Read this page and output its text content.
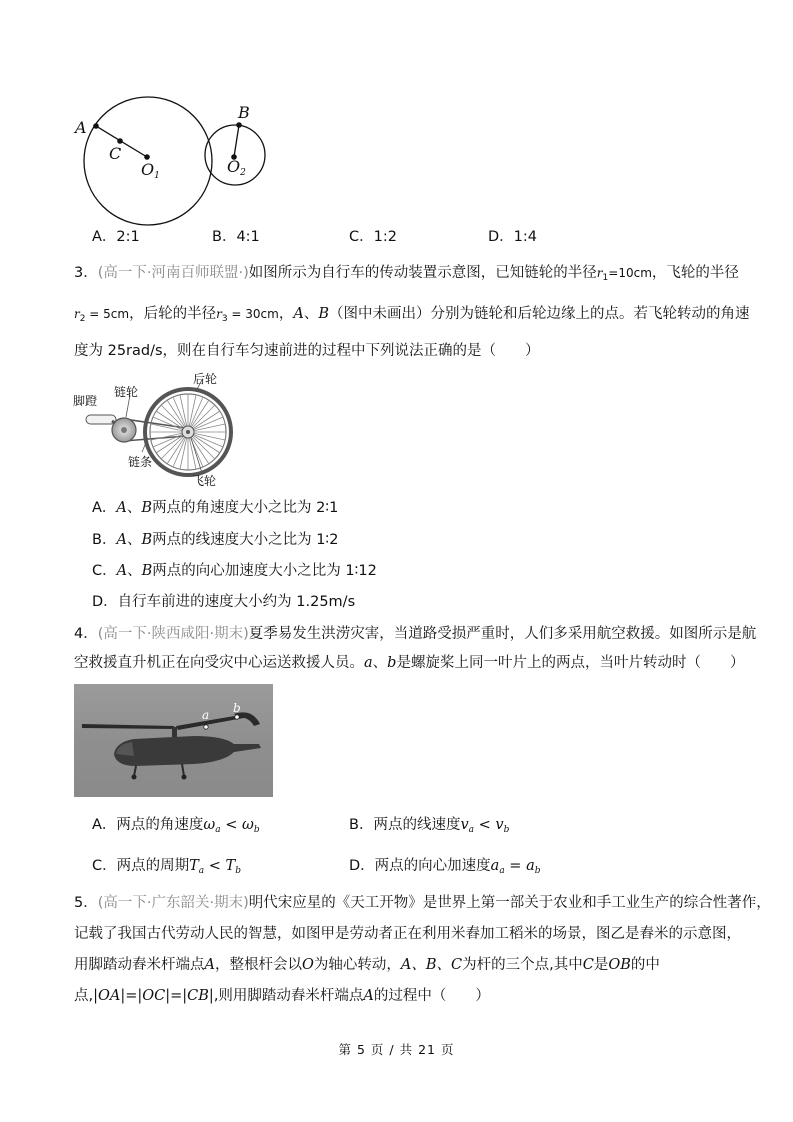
A
C
O1
B
O2
A．2:1	B．4:1	C．1:2	D．1:4
3．(高一下·河南百师联盟·)如图所示为自行车的传动装置示意图，已知链轮的半径$r_1=10cm$，飞轮的半径
$r_2 = 5cm$，后轮的半径$r_3 = 30cm$，A、B（图中未画出）分别为链轮和后轮边缘上的点。若飞轮转动的角速
度为 25rad/s，则在自行车匀速前进的过程中下列说法正确的是（　　）
脚蹬
链轮
后轮
链条
飞轮
A．A、B两点的角速度大小之比为 2∶1
B．A、B两点的线速度大小之比为 1∶2
C．A、B两点的向心加速度大小之比为 1∶12
D．自行车前进的速度大小约为 1.25m/s
4．(高一下·陕西咸阳·期末)夏季易发生洪涝灾害，当道路受损严重时，人们多采用航空救援。如图所示是航
空救援直升机正在向受灾中心运送救援人员。a、b是螺旋桨上同一叶片上的两点，当叶片转动时（　　）
a b
A．两点的角速度$\omega_a < \omega_b$	B．两点的线速度$v_a < v_b$
C．两点的周期$T_a < T_b$	D．两点的向心加速度$a_a = a_b$
5．(高一下·广东韶关·期末)明代宋应星的《天工开物》是世界上第一部关于农业和手工业生产的综合性著作，
记载了我国古代劳动人民的智慧，如图甲是劳动者正在利用米舂加工稻米的场景，图乙是舂米的示意图，
用脚踏动舂米杆端点A，整根杆会以O为轴心转动，A、B、C为杆的三个点,其中C是OB的中
点,|OA|=|OC|=|CB|,则用脚踏动舂米杆端点A的过程中（　　）
第 5 页 / 共 21 页
